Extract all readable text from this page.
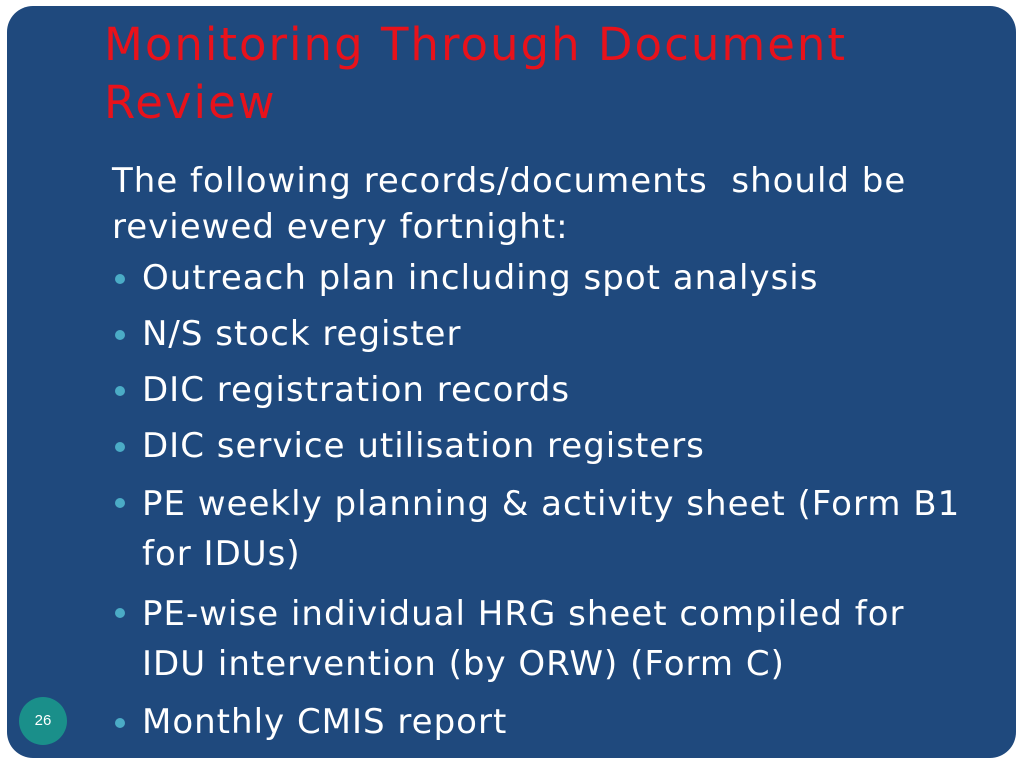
Monitoring Through Document Review

The following records/documents  should be reviewed every fortnight:

Outreach plan including spot analysis
N/S stock register
DIC registration records
DIC service utilisation registers
PE weekly planning & activity sheet (Form B1 for IDUs)
PE-wise individual HRG sheet compiled for IDU intervention (by ORW) (Form C)
Monthly CMIS report
26
